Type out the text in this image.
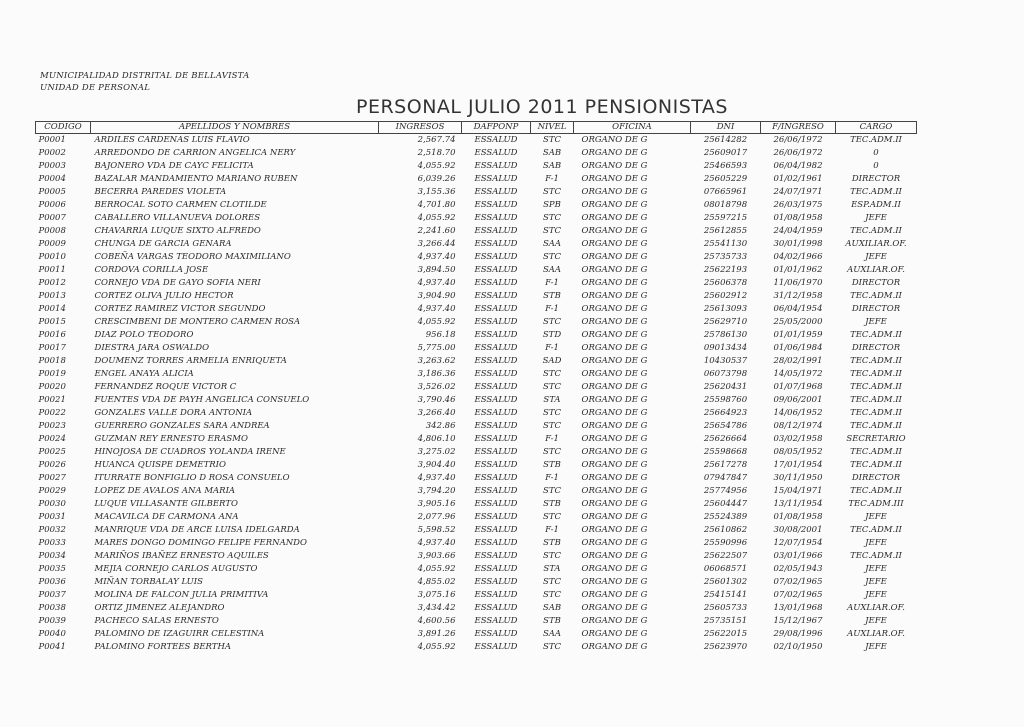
MUNICIPALIDAD DISTRITAL DE BELLAVISTA
UNIDAD DE PERSONAL
PERSONAL JULIO 2011 PENSIONISTAS
CODIGO	APELLIDOS Y NOMBRES	INGRESOS	DAFPONP	NIVEL	OFICINA	DNI	F/INGRESO	CARGO
P0001	ARDILES CARDENAS LUIS FLAVIO	2,567.74	ESSALUD	STC	ORGANO DE G	25614282	26/06/1972	TEC.ADM.II
P0002	ARREDONDO DE CARRION ANGELICA NERY	2,518.70	ESSALUD	SAB	ORGANO DE G	25609017	26/06/1972	0
P0003	BAJONERO VDA DE CAYC FELICITA	4,055.92	ESSALUD	SAB	ORGANO DE G	25466593	06/04/1982	0
P0004	BAZALAR MANDAMIENTO MARIANO RUBEN	6,039.26	ESSALUD	F-1	ORGANO DE G	25605229	01/02/1961	DIRECTOR
P0005	BECERRA PAREDES VIOLETA	3,155.36	ESSALUD	STC	ORGANO DE G	07665961	24/07/1971	TEC.ADM.II
P0006	BERROCAL SOTO CARMEN CLOTILDE	4,701.80	ESSALUD	SPB	ORGANO DE G	08018798	26/03/1975	ESP.ADM.II
P0007	CABALLERO VILLANUEVA DOLORES	4,055.92	ESSALUD	STC	ORGANO DE G	25597215	01/08/1958	JEFE
P0008	CHAVARRIA LUQUE SIXTO ALFREDO	2,241.60	ESSALUD	STC	ORGANO DE G	25612855	24/04/1959	TEC.ADM.II
P0009	CHUNGA DE GARCIA GENARA	3,266.44	ESSALUD	SAA	ORGANO DE G	25541130	30/01/1998	AUXILIAR.OF.
P0010	COBEÑA VARGAS TEODORO MAXIMILIANO	4,937.40	ESSALUD	STC	ORGANO DE G	25735733	04/02/1966	JEFE
P0011	CORDOVA CORILLA JOSE	3,894.50	ESSALUD	SAA	ORGANO DE G	25622193	01/01/1962	AUXLIAR.OF.
P0012	CORNEJO VDA DE GAYO SOFIA NERI	4,937.40	ESSALUD	F-1	ORGANO DE G	25606378	11/06/1970	DIRECTOR
P0013	CORTEZ OLIVA JULIO HECTOR	3,904.90	ESSALUD	STB	ORGANO DE G	25602912	31/12/1958	TEC.ADM.II
P0014	CORTEZ RAMIREZ VICTOR SEGUNDO	4,937.40	ESSALUD	F-1	ORGANO DE G	25613093	06/04/1954	DIRECTOR
P0015	CRESCIMBENI DE MONTERO CARMEN ROSA	4,055.92	ESSALUD	STC	ORGANO DE G	25629710	25/05/2000	JEFE
P0016	DIAZ POLO TEODORO	956.18	ESSALUD	STD	ORGANO DE G	25786130	01/01/1959	TEC.ADM.II
P0017	DIESTRA JARA OSWALDO	5,775.00	ESSALUD	F-1	ORGANO DE G	09013434	01/06/1984	DIRECTOR
P0018	DOUMENZ TORRES ARMELIA ENRIQUETA	3,263.62	ESSALUD	SAD	ORGANO DE G	10430537	28/02/1991	TEC.ADM.II
P0019	ENGEL ANAYA ALICIA	3,186.36	ESSALUD	STC	ORGANO DE G	06073798	14/05/1972	TEC.ADM.II
P0020	FERNANDEZ ROQUE VICTOR C	3,526.02	ESSALUD	STC	ORGANO DE G	25620431	01/07/1968	TEC.ADM.II
P0021	FUENTES VDA DE PAYH ANGELICA CONSUELO	3,790.46	ESSALUD	STA	ORGANO DE G	25598760	09/06/2001	TEC.ADM.II
P0022	GONZALES VALLE DORA ANTONIA	3,266.40	ESSALUD	STC	ORGANO DE G	25664923	14/06/1952	TEC.ADM.II
P0023	GUERRERO GONZALES SARA ANDREA	342.86	ESSALUD	STC	ORGANO DE G	25654786	08/12/1974	TEC.ADM.II
P0024	GUZMAN REY ERNESTO ERASMO	4,806.10	ESSALUD	F-1	ORGANO DE G	25626664	03/02/1958	SECRETARIO
P0025	HINOJOSA DE CUADROS YOLANDA IRENE	3,275.02	ESSALUD	STC	ORGANO DE G	25598668	08/05/1952	TEC.ADM.II
P0026	HUANCA QUISPE DEMETRIO	3,904.40	ESSALUD	STB	ORGANO DE G	25617278	17/01/1954	TEC.ADM.II
P0027	ITURRATE BONFIGLIO D ROSA CONSUELO	4,937.40	ESSALUD	F-1	ORGANO DE G	07947847	30/11/1950	DIRECTOR
P0029	LOPEZ DE AVALOS ANA MARIA	3,794.20	ESSALUD	STC	ORGANO DE G	25774956	15/04/1971	TEC.ADM.II
P0030	LUQUE VILLASANTE GILBERTO	3,905.16	ESSALUD	STB	ORGANO DE G	25604447	13/11/1954	TEC.ADM.III
P0031	MACAVILCA DE CARMONA ANA	2,077.96	ESSALUD	STC	ORGANO DE G	25524389	01/08/1958	JEFE
P0032	MANRIQUE VDA DE ARCE LUISA IDELGARDA	5,598.52	ESSALUD	F-1	ORGANO DE G	25610862	30/08/2001	TEC.ADM.II
P0033	MARES DONGO DOMINGO FELIPE FERNANDO	4,937.40	ESSALUD	STB	ORGANO DE G	25590996	12/07/1954	JEFE
P0034	MARIÑOS IBAÑEZ ERNESTO AQUILES	3,903.66	ESSALUD	STC	ORGANO DE G	25622507	03/01/1966	TEC.ADM.II
P0035	MEJIA CORNEJO CARLOS AUGUSTO	4,055.92	ESSALUD	STA	ORGANO DE G	06068571	02/05/1943	JEFE
P0036	MIÑAN TORBALAY LUIS	4,855.02	ESSALUD	STC	ORGANO DE G	25601302	07/02/1965	JEFE
P0037	MOLINA DE FALCON JULIA PRIMITIVA	3,075.16	ESSALUD	STC	ORGANO DE G	25415141	07/02/1965	JEFE
P0038	ORTIZ JIMENEZ ALEJANDRO	3,434.42	ESSALUD	SAB	ORGANO DE G	25605733	13/01/1968	AUXLIAR.OF.
P0039	PACHECO SALAS ERNESTO	4,600.56	ESSALUD	STB	ORGANO DE G	25735151	15/12/1967	JEFE
P0040	PALOMINO DE IZAGUIRR CELESTINA	3,891.26	ESSALUD	SAA	ORGANO DE G	25622015	29/08/1996	AUXLIAR.OF.
P0041	PALOMINO FORTEES BERTHA	4,055.92	ESSALUD	STC	ORGANO DE G	25623970	02/10/1950	JEFE
